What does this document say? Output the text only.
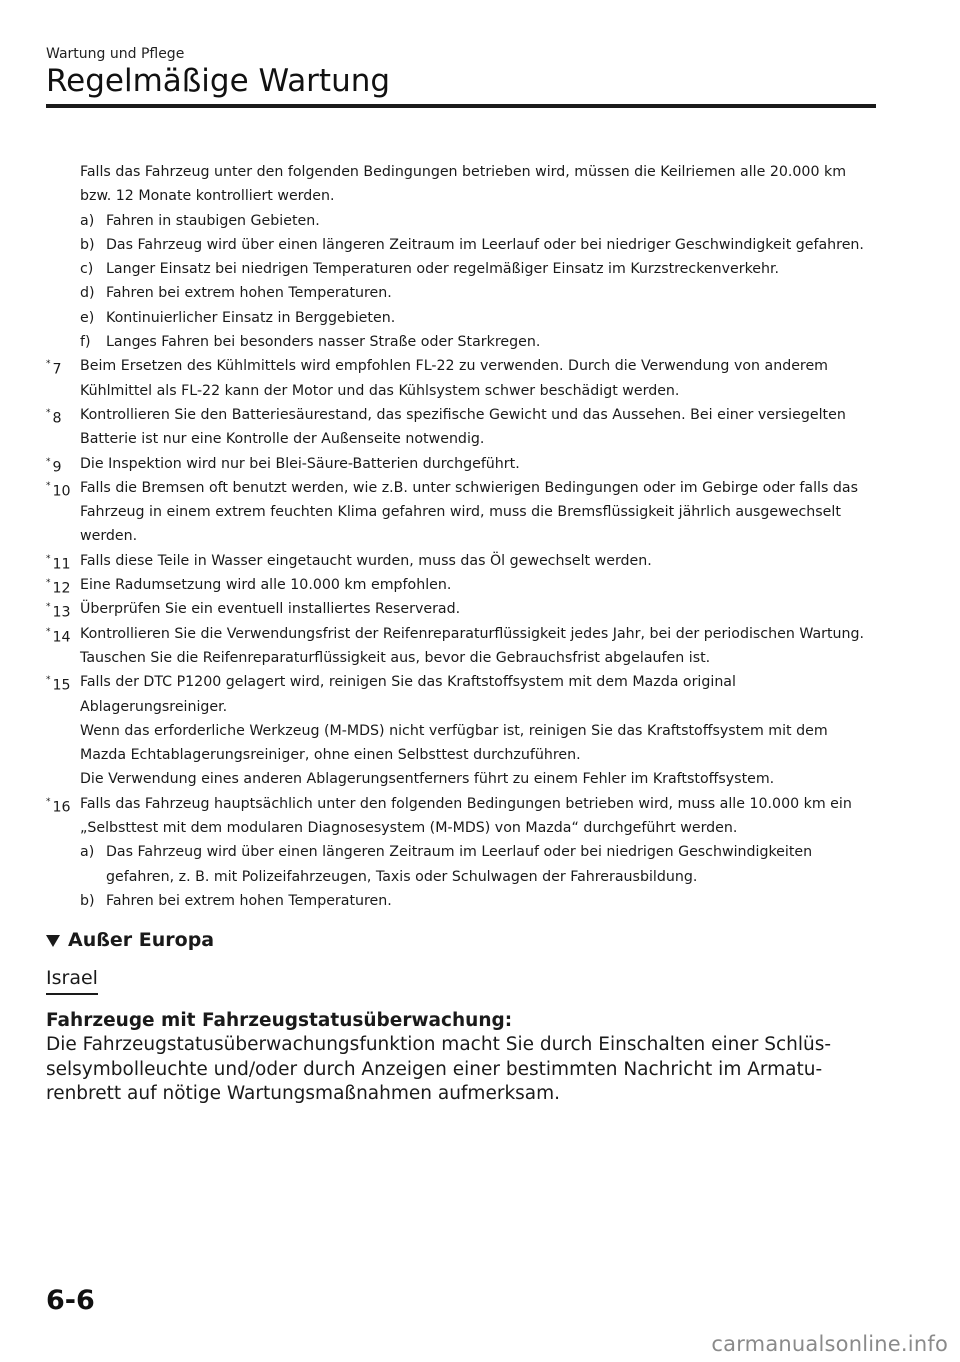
Wartung und Pflege
Regelmäßige Wartung
Falls das Fahrzeug unter den folgenden Bedingungen betrieben wird, müssen die Keilriemen alle 20.000 km bzw. 12 Monate kontrolliert werden.
a) Fahren in staubigen Gebieten.
b) Das Fahrzeug wird über einen längeren Zeitraum im Leerlauf oder bei niedriger Geschwindigkeit gefahren.
c) Langer Einsatz bei niedrigen Temperaturen oder regelmäßiger Einsatz im Kurzstreckenverkehr.
d) Fahren bei extrem hohen Temperaturen.
e) Kontinuierlicher Einsatz in Berggebieten.
f) Langes Fahren bei besonders nasser Straße oder Starkregen.
* 7 Beim Ersetzen des Kühlmittels wird empfohlen FL-22 zu verwenden. Durch die Verwendung von anderem Kühlmittel als FL-22 kann der Motor und das Kühlsystem schwer beschädigt werden.
* 8 Kontrollieren Sie den Batteriesäurestand, das spezifische Gewicht und das Aussehen. Bei einer versiegelten Batterie ist nur eine Kontrolle der Außenseite notwendig.
* 9 Die Inspektion wird nur bei Blei-Säure-Batterien durchgeführt.
* 10 Falls die Bremsen oft benutzt werden, wie z.B. unter schwierigen Bedingungen oder im Gebirge oder falls das Fahrzeug in einem extrem feuchten Klima gefahren wird, muss die Bremsflüssigkeit jährlich ausgewechselt werden.
* 11 Falls diese Teile in Wasser eingetaucht wurden, muss das Öl gewechselt werden.
* 12 Eine Radumsetzung wird alle 10.000 km empfohlen.
* 13 Überprüfen Sie ein eventuell installiertes Reserverad.
* 14 Kontrollieren Sie die Verwendungsfrist der Reifenreparaturflüssigkeit jedes Jahr, bei der periodischen Wartung. Tauschen Sie die Reifenreparaturflüssigkeit aus, bevor die Gebrauchsfrist abgelaufen ist.
* 15 Falls der DTC P1200 gelagert wird, reinigen Sie das Kraftstoffsystem mit dem Mazda original Ablagerungsreiniger.
Wenn das erforderliche Werkzeug (M-MDS) nicht verfügbar ist, reinigen Sie das Kraftstoffsystem mit dem Mazda Echtablagerungsreiniger, ohne einen Selbsttest durchzuführen.
Die Verwendung eines anderen Ablagerungsentferners führt zu einem Fehler im Kraftstoffsystem.
* 16 Falls das Fahrzeug hauptsächlich unter den folgenden Bedingungen betrieben wird, muss alle 10.000 km ein „Selbsttest mit dem modularen Diagnosesystem (M-MDS) von Mazda“ durchgeführt werden.
a) Das Fahrzeug wird über einen längeren Zeitraum im Leerlauf oder bei niedrigen Geschwindigkeiten gefahren, z. B. mit Polizeifahrzeugen, Taxis oder Schulwagen der Fahrerausbildung.
b) Fahren bei extrem hohen Temperaturen.
Außer Europa
Israel
Fahrzeuge mit Fahrzeugstatusüberwachung:
Die Fahrzeugstatusüberwachungsfunktion macht Sie durch Einschalten einer Schlüs-selsymbolleuchte und/oder durch Anzeigen einer bestimmten Nachricht im Armatu-renbrett auf nötige Wartungsmaßnahmen aufmerksam.
6-6
carmanualsonline.info
